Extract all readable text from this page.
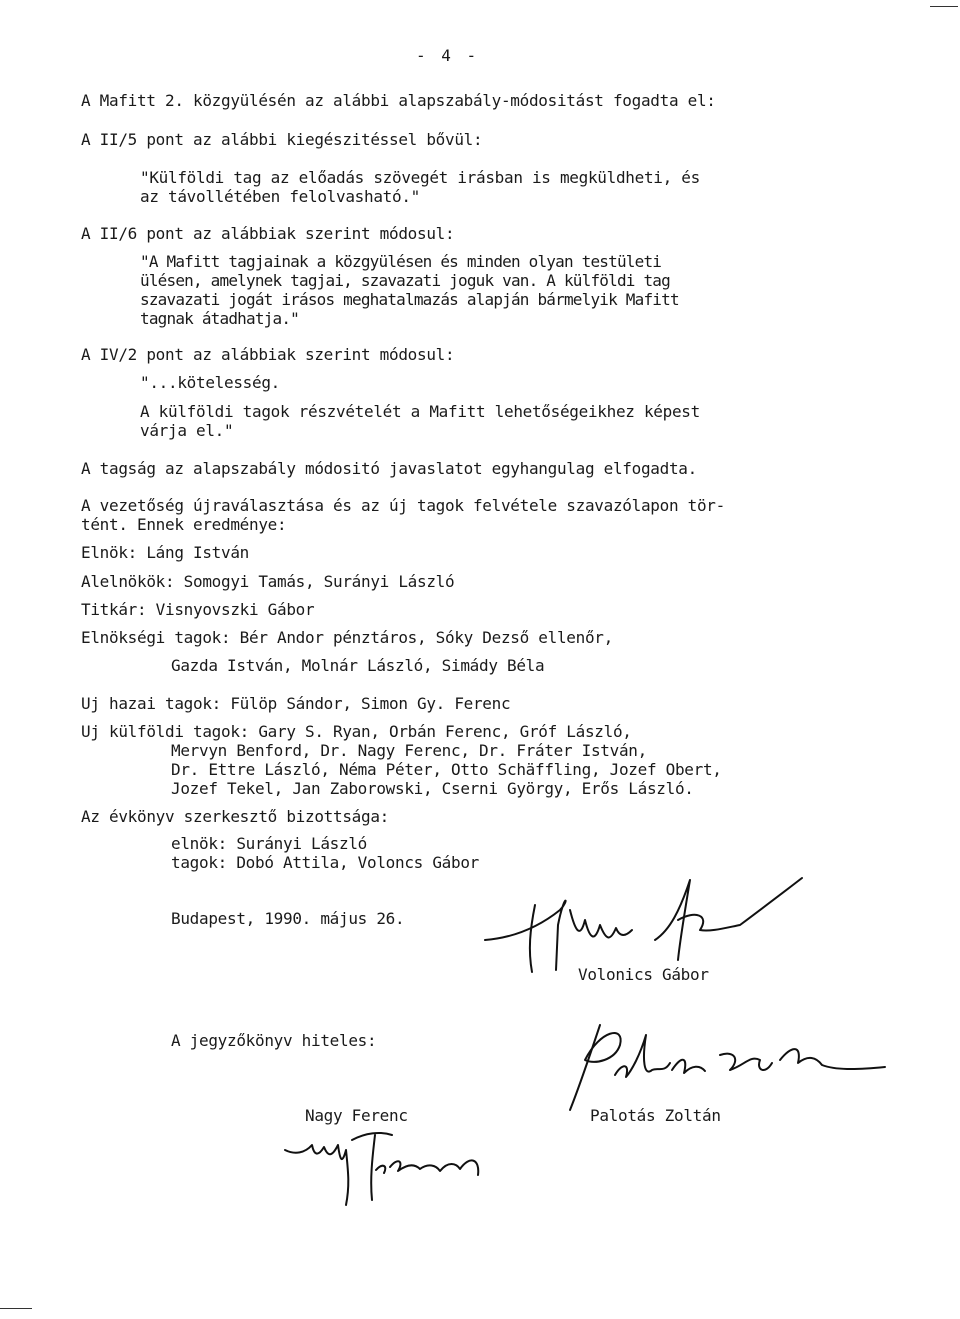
- 4 -
A Mafitt 2. közgyülésén az alábbi alapszabály-módositást fogadta el:
A II/5 pont az alábbi kiegészitéssel bővül:
"Külföldi tag az előadás szövegét irásban is megküldheti, és
az távollétében felolvasható."
A II/6 pont az alábbiak szerint módosul:
"A Mafitt tagjainak a közgyülésen és minden olyan testületi
ülésen, amelynek tagjai, szavazati joguk van. A külföldi tag
szavazati jogát irásos meghatalmazás alapján bármelyik Mafitt
tagnak átadhatja."
A IV/2 pont az alábbiak szerint módosul:
"...kötelesség.
A külföldi tagok részvételét a Mafitt lehetőségeikhez képest
várja el."
A tagság az alapszabály módositó javaslatot egyhangulag elfogadta.
A vezetőség újraválasztása és az új tagok felvétele szavazólapon tör-
tént. Ennek eredménye:
Elnök: Láng István
Alelnökök: Somogyi Tamás, Surányi László
Titkár: Visnyovszki Gábor
Elnökségi tagok: Bér Andor pénztáros, Sóky Dezső ellenőr,
Gazda István, Molnár László, Simády Béla
Uj hazai tagok: Fülöp Sándor, Simon Gy. Ferenc
Uj külföldi tagok: Gary S. Ryan, Orbán Ferenc, Gróf László,
Mervyn Benford, Dr. Nagy Ferenc, Dr. Fráter István,
Dr. Ettre László, Néma Péter, Otto Schäffling, Jozef Obert,
Jozef Tekel, Jan Zaborowski, Cserni György, Erős László.
Az évkönyv szerkesztő bizottsága:
elnök: Surányi László
tagok: Dobó Attila, Voloncs Gábor
Budapest, 1990. május 26.
Volonics Gábor
A jegyzőkönyv hiteles:
Nagy Ferenc	Palotás Zoltán
